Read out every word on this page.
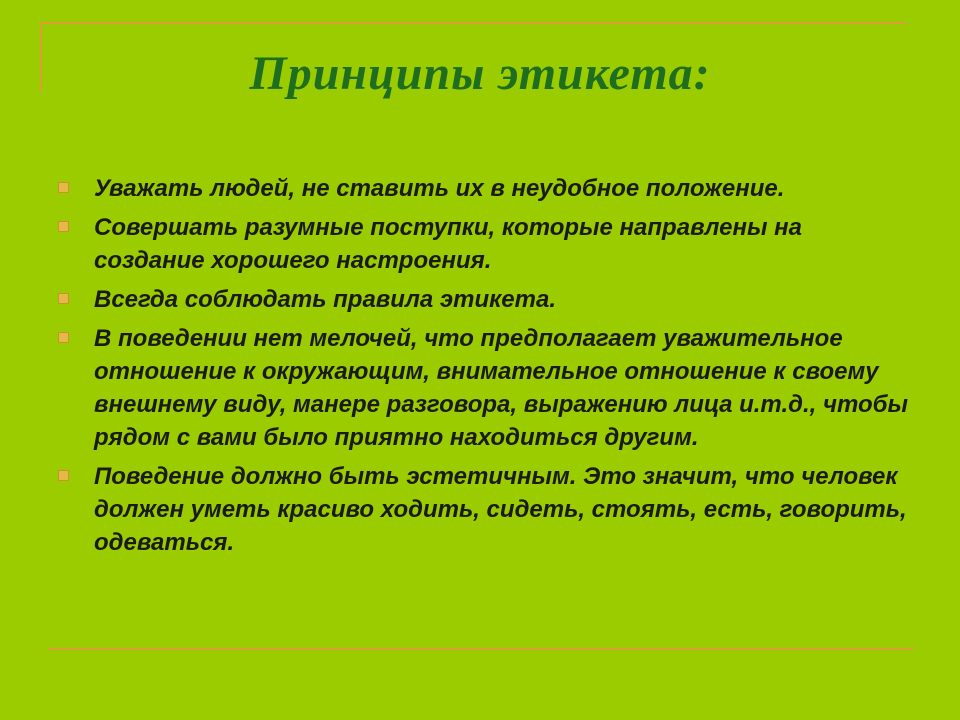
Принципы этикета:
Уважать людей, не ставить их в неудобное положение.
Совершать разумные поступки, которые направлены на создание хорошего настроения.
Всегда соблюдать правила этикета.
В поведении нет мелочей, что предполагает уважительное отношение к окружающим, внимательное отношение к своему внешнему виду, манере разговора, выражению лица и.т.д., чтобы рядом с вами было приятно находиться другим.
Поведение должно быть эстетичным. Это значит, что человек должен уметь красиво ходить, сидеть, стоять, есть, говорить, одеваться.
